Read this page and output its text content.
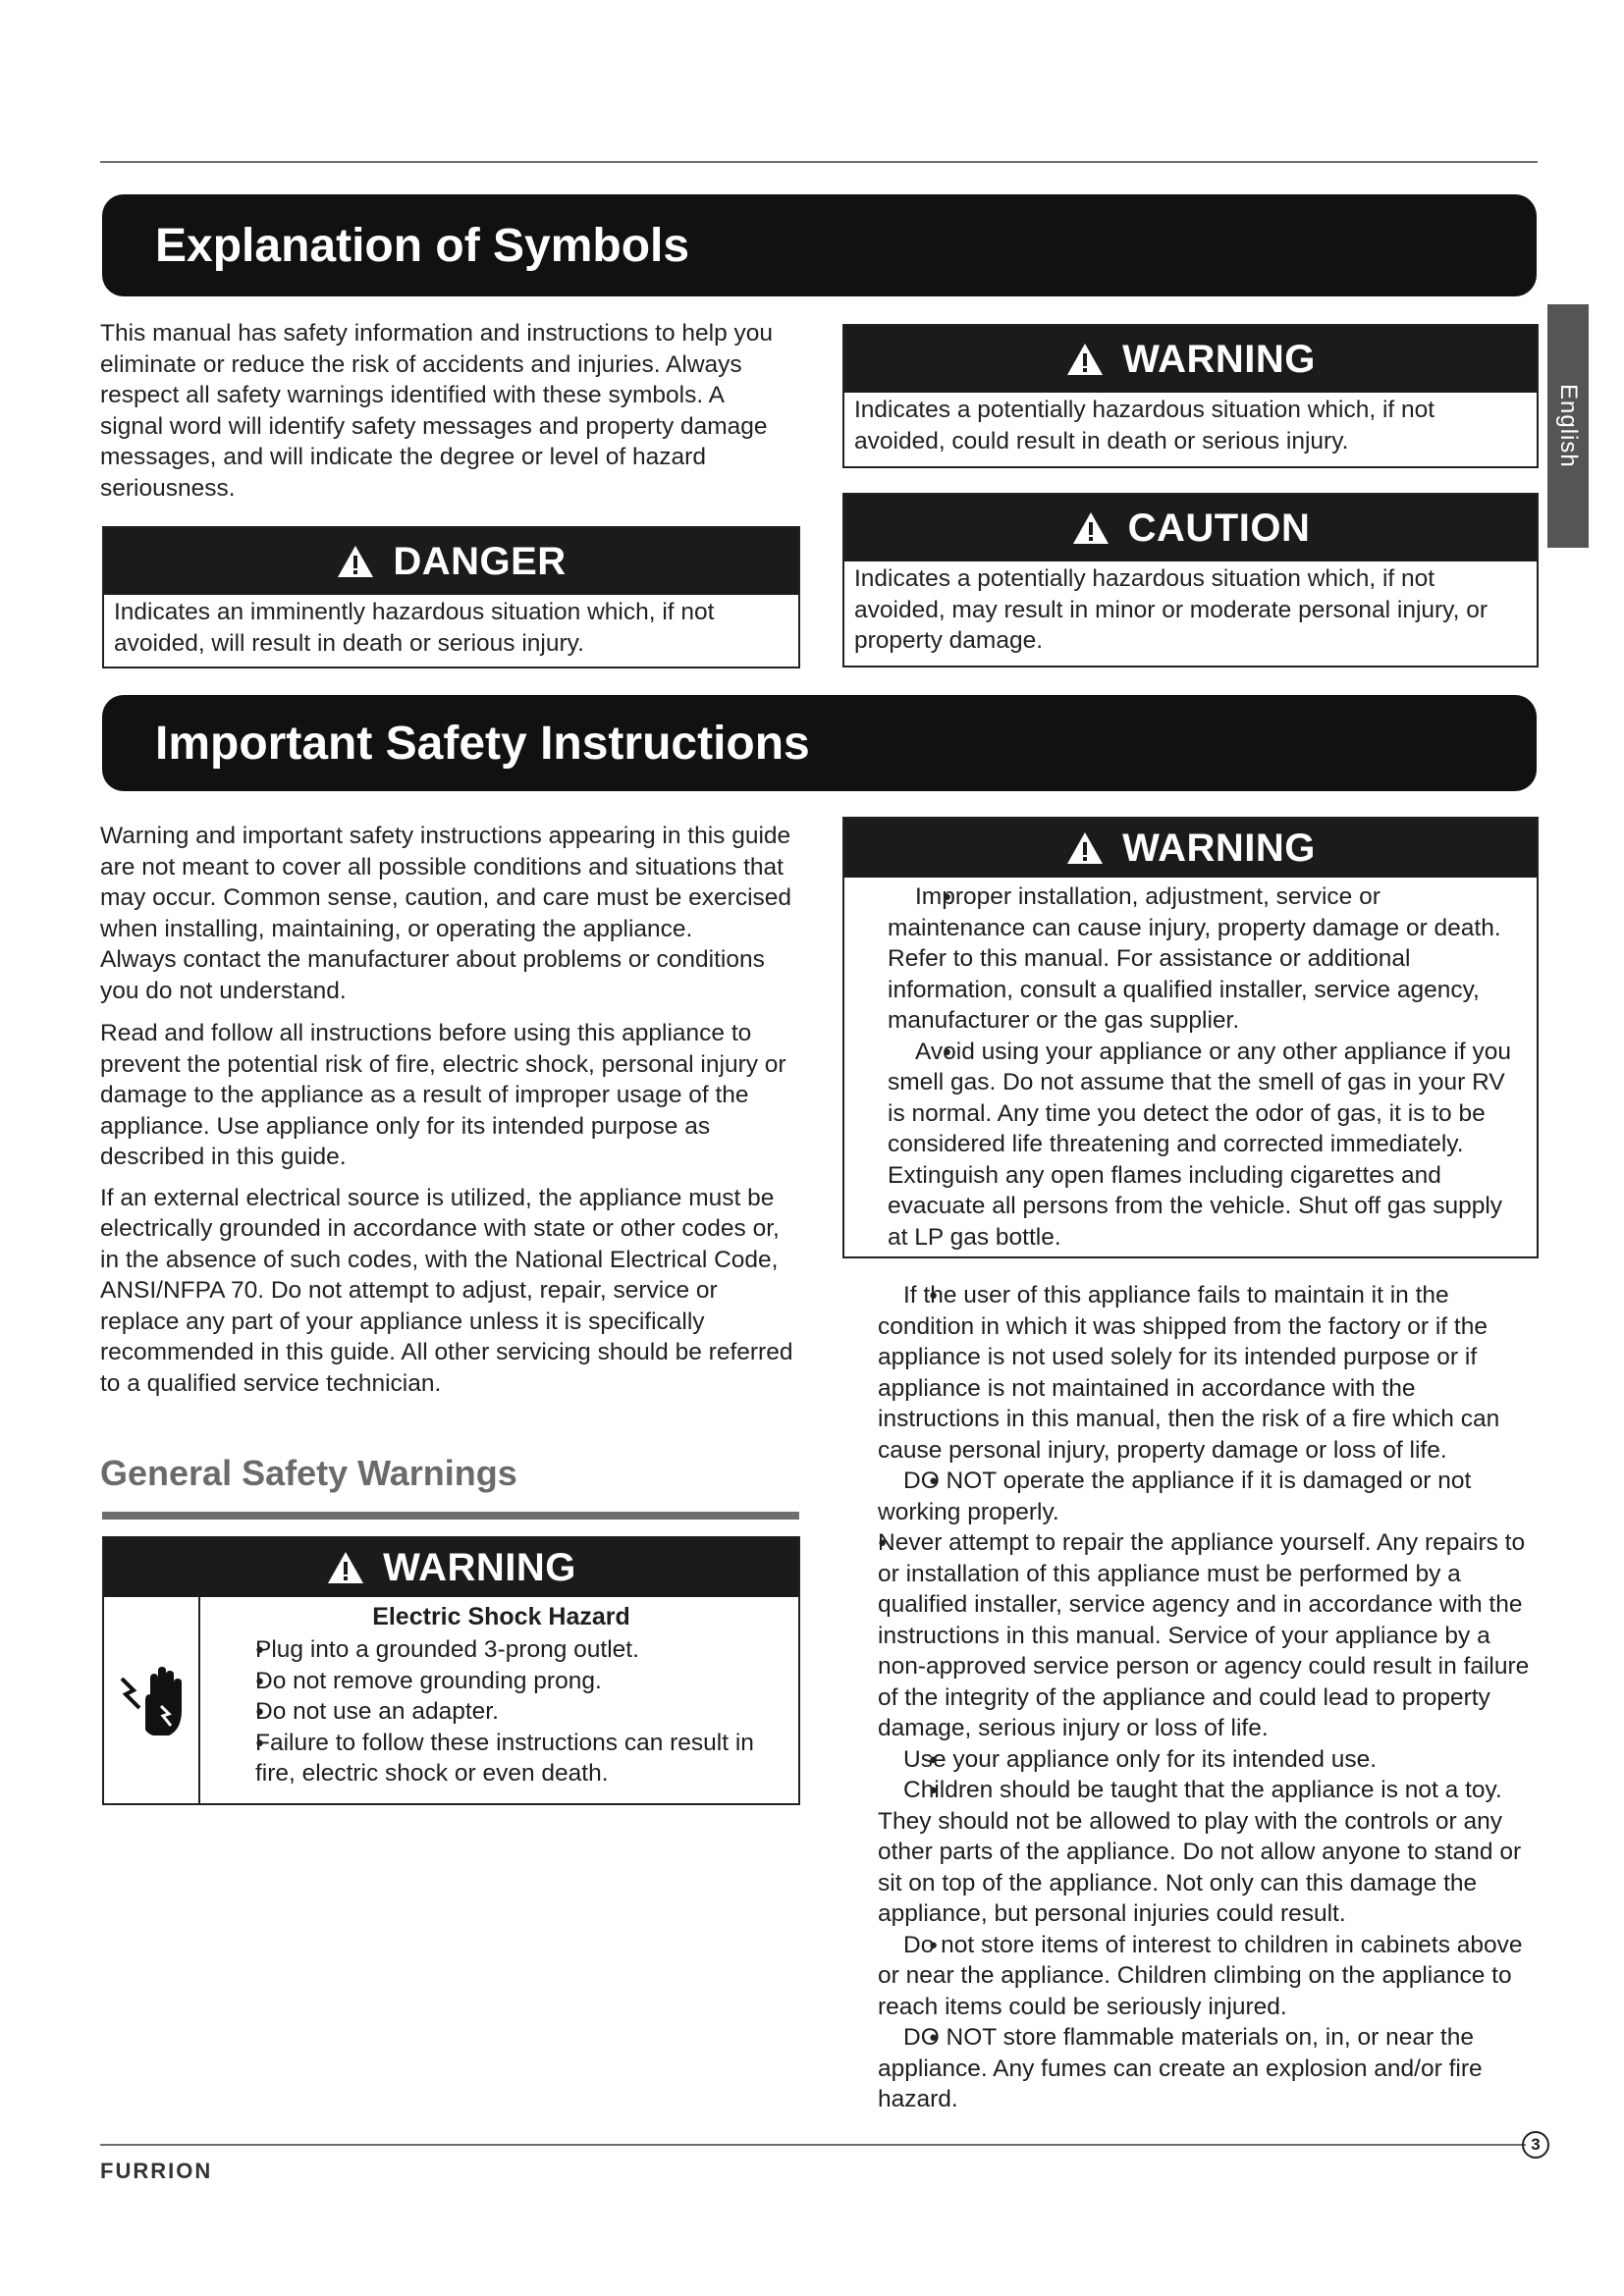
Explanation of Symbols
English

This manual has safety information and instructions to help you eliminate or reduce the risk of accidents and injuries. Always respect all safety warnings identified with these symbols. A signal word will identify safety messages and property damage messages, and will indicate the degree or level of hazard seriousness.

DANGER
Indicates an imminently hazardous situation which, if not avoided, will result in death or serious injury.
WARNING
Indicates a potentially hazardous situation which, if not avoided, could result in death or serious injury.
CAUTION
Indicates a potentially hazardous situation which, if not avoided, may result in minor or moderate personal injury, or property damage.
Important Safety Instructions

Warning and important safety instructions appearing in this guide are not meant to cover all possible conditions and situations that may occur. Common sense, caution, and care must be exercised when installing, maintaining, or operating the appliance.

Always contact the manufacturer about problems or conditions you do not understand.

Read and follow all instructions before using this appliance to prevent the potential risk of fire, electric shock, personal injury or damage to the appliance as a result of improper usage of the appliance. Use appliance only for its intended purpose as described in this guide.

If an external electrical source is utilized, the appliance must be electrically grounded in accordance with state or other codes or, in the absence of such codes, with the National Electrical Code, ANSI/NFPA 70. Do not attempt to adjust, repair, service or replace any part of your appliance unless it is specifically recommended in this guide. All other servicing should be referred to a qualified service technician.

General Safety Warnings
WARNING
Electric Shock Hazard
● Plug into a grounded 3-prong outlet.
● Do not remove grounding prong.
● Do not use an adapter.
● Failure to follow these instructions can result in fire, electric shock or even death.
WARNING
● Improper installation, adjustment, service or maintenance can cause injury, property damage or death. Refer to this manual. For assistance or additional information, consult a qualified installer, service agency, manufacturer or the gas supplier.
● Avoid using your appliance or any other appliance if you smell gas. Do not assume that the smell of gas in your RV is normal. Any time you detect the odor of gas, it is to be considered life threatening and corrected immediately. Extinguish any open flames including cigarettes and evacuate all persons from the vehicle. Shut off gas supply at LP gas bottle.
● If the user of this appliance fails to maintain it in the condition in which it was shipped from the factory or if the appliance is not used solely for its intended purpose or if appliance is not maintained in accordance with the instructions in this manual, then the risk of a fire which can cause personal injury, property damage or loss of life.
● DO NOT operate the appliance if it is damaged or not working properly.
● Never attempt to repair the appliance yourself. Any repairs to or installation of this appliance must be performed by a qualified installer, service agency and in accordance with the instructions in this manual. Service of your appliance by a non-approved service person or agency could result in failure of the integrity of the appliance and could lead to property damage, serious injury or loss of life.
● Use your appliance only for its intended use.
● Children should be taught that the appliance is not a toy. They should not be allowed to play with the controls or any other parts of the appliance. Do not allow anyone to stand or sit on top of the appliance. Not only can this damage the appliance, but personal injuries could result.
● Do not store items of interest to children in cabinets above or near the appliance. Children climbing on the appliance to reach items could be seriously injured.
● DO NOT store flammable materials on, in, or near the appliance. Any fumes can create an explosion and/or fire hazard.
3
FURRION
